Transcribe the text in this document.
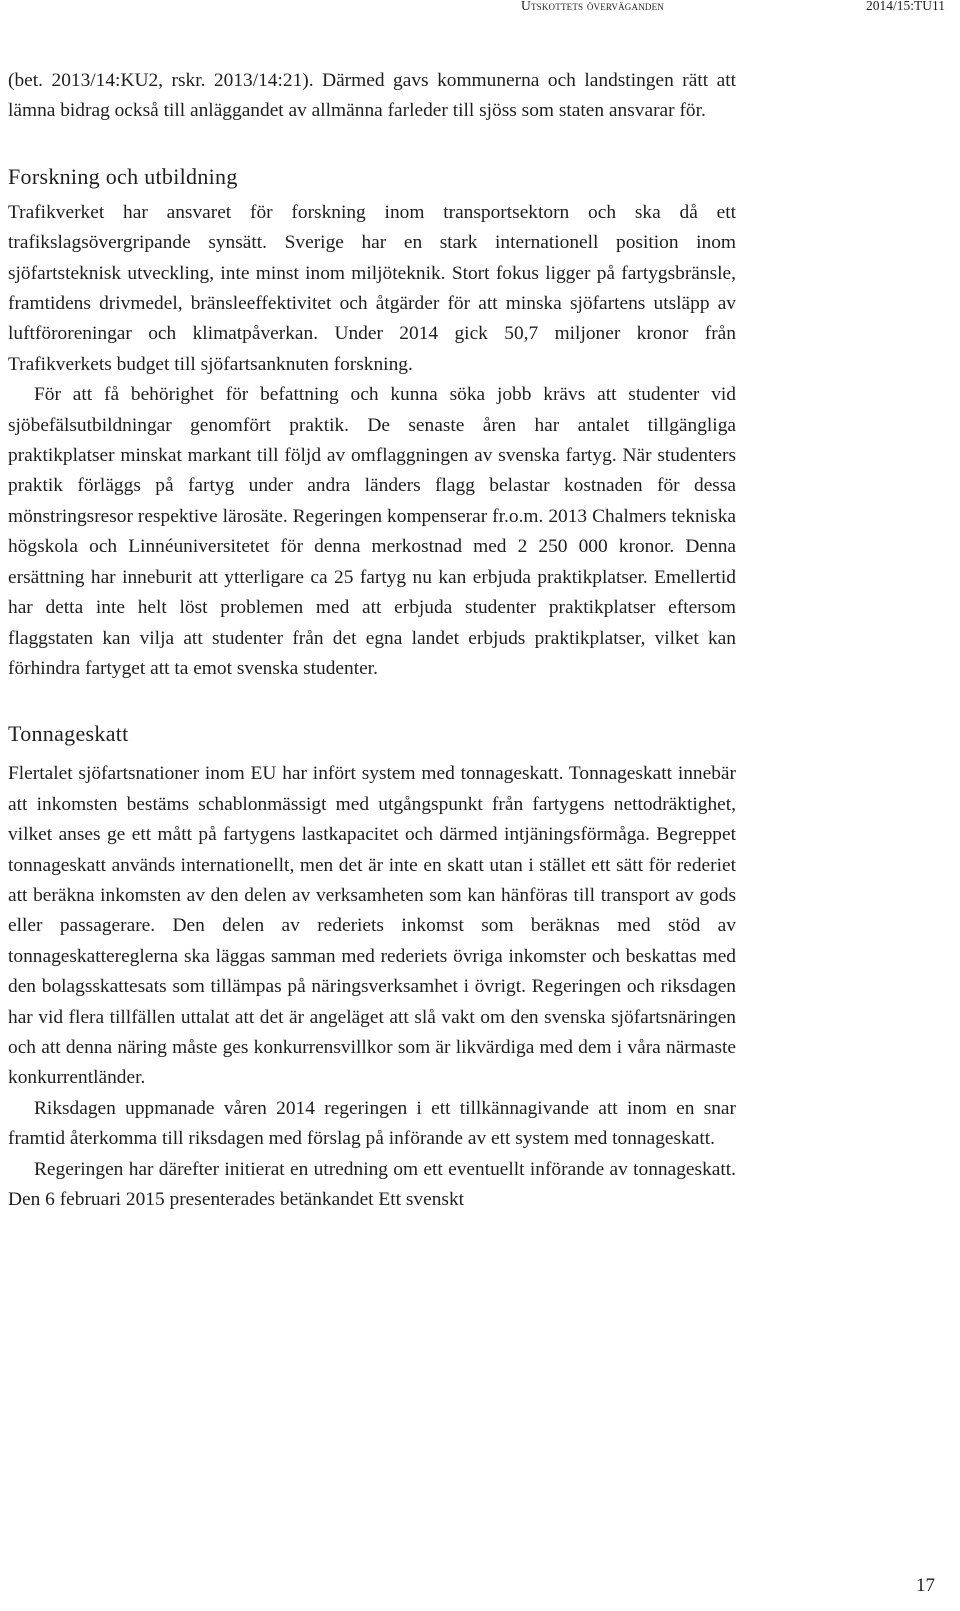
Utskottets överväganden	2014/15:TU11

(bet. 2013/14:KU2, rskr. 2013/14:21). Därmed gavs kommunerna och landstingen rätt att lämna bidrag också till anläggandet av allmänna farleder till sjöss som staten ansvarar för.

Forskning och utbildning

Trafikverket har ansvaret för forskning inom transportsektorn och ska då ett trafikslagsövergripande synsätt. Sverige har en stark internationell position inom sjöfartsteknisk utveckling, inte minst inom miljöteknik. Stort fokus ligger på fartygsbränsle, framtidens drivmedel, bränsleeffektivitet och åtgärder för att minska sjöfartens utsläpp av luftföroreningar och klimatpåverkan. Under 2014 gick 50,7 miljoner kronor från Trafikverkets budget till sjöfartsanknuten forskning.

För att få behörighet för befattning och kunna söka jobb krävs att studenter vid sjöbefälsutbildningar genomfört praktik. De senaste åren har antalet tillgängliga praktikplatser minskat markant till följd av omflaggningen av svenska fartyg. När studenters praktik förläggs på fartyg under andra länders flagg belastar kostnaden för dessa mönstringsresor respektive lärosäte. Regeringen kompenserar fr.o.m. 2013 Chalmers tekniska högskola och Linnéuniversitetet för denna merkostnad med 2 250 000 kronor. Denna ersättning har inneburit att ytterligare ca 25 fartyg nu kan erbjuda praktikplatser. Emellertid har detta inte helt löst problemen med att erbjuda studenter praktikplatser eftersom flaggstaten kan vilja att studenter från det egna landet erbjuds praktikplatser, vilket kan förhindra fartyget att ta emot svenska studenter.

Tonnageskatt

Flertalet sjöfartsnationer inom EU har infört system med tonnageskatt. Tonnageskatt innebär att inkomsten bestäms schablonmässigt med utgångspunkt från fartygens nettodräktighet, vilket anses ge ett mått på fartygens lastkapacitet och därmed intjäningsförmåga. Begreppet tonnageskatt används internationellt, men det är inte en skatt utan i stället ett sätt för rederiet att beräkna inkomsten av den delen av verksamheten som kan hänföras till transport av gods eller passagerare. Den delen av rederiets inkomst som beräknas med stöd av tonnageskattereglerna ska läggas samman med rederiets övriga inkomster och beskattas med den bolagsskattesats som tillämpas på näringsverksamhet i övrigt. Regeringen och riksdagen har vid flera tillfällen uttalat att det är angeläget att slå vakt om den svenska sjöfartsnäringen och att denna näring måste ges konkurrensvillkor som är likvärdiga med dem i våra närmaste konkurrentländer.

Riksdagen uppmanade våren 2014 regeringen i ett tillkännagivande att inom en snar framtid återkomma till riksdagen med förslag på införande av ett system med tonnageskatt.

Regeringen har därefter initierat en utredning om ett eventuellt införande av tonnageskatt. Den 6 februari 2015 presenterades betänkandet Ett svenskt

17
